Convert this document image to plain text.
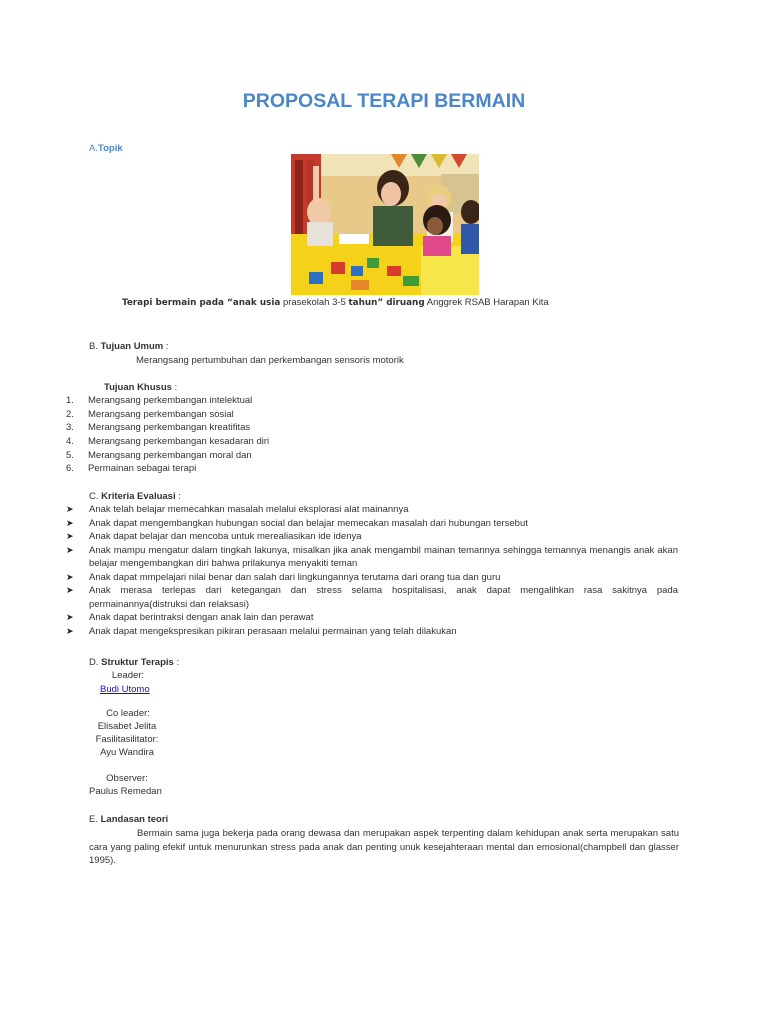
PROPOSAL TERAPI BERMAIN
A.Topik
Terapi bermain pada “anak usia prasekolah 3-5 tahun” diruang Anggrek RSAB Harapan Kita
B. Tujuan Umum :
Merangsang pertumbuhan dan perkembangan sensoris motorik
Tujuan Khusus :
1. Merangsang perkembangan intelektual
2. Merangsang perkembangan sosial
3. Merangsang perkembangan kreatifitas
4. Merangsang perkembangan kesadaran diri
5. Merangsang perkembangan moral dan
6. Permainan sebagai terapi
C. Kriteria Evaluasi :
➤ Anak telah belajar memecahkan masalah melalui eksplorasi alat mainannya
➤ Anak dapat mengembangkan hubungan social dan belajar memecakan masalah dari hubungan tersebut
➤ Anak dapat belajar dan mencoba untuk merealiasikan ide idenya
➤ Anak mampu mengatur dalam tingkah lakunya, misalkan jika anak mengambil mainan temannya sehingga temannya menangis anak akan belajar mengembangkan diri bahwa prilakunya menyakiti teman
➤ Anak dapat mmpelajari nilai benar dan salah dari lingkungannya terutama dari orang tua dan guru
➤ Anak merasa terlepas dari ketegangan dan stress selama hospitalisasi, anak dapat mengalihkan rasa sakitnya pada permainannya(distruksi dan relaksasi)
➤ Anak dapat berintraksi dengan anak lain dan perawat
➤ Anak dapat mengekspresikan pikiran perasaan melalui permainan yang telah dilakukan
D. Struktur Terapis :
Leader:
Budi Utomo
Co leader:
Elisabet Jelita
Fasilitasilitator:
Ayu Wandira
Observer:
Paulus Remedan
E. Landasan teori
Bermain sama juga bekerja pada orang dewasa dan merupakan aspek terpenting dalam kehidupan anak serta merupakan satu cara yang paling efekif untuk menurunkan stress pada anak dan penting unuk kesejahteraan mental dan emosional(champbell dan glasser 1995).
